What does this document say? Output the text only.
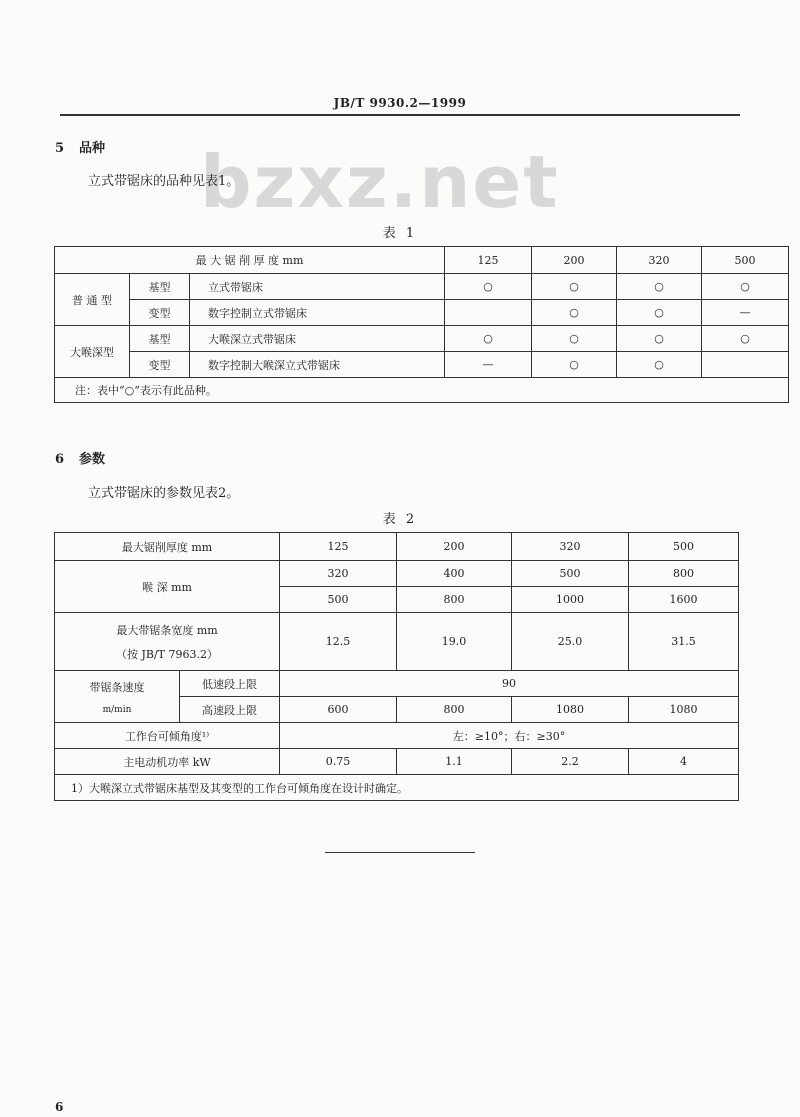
bzxz.net
JB/T 9930.2—1999
5 品种
立式带锯床的品种见表1。
表 1
最 大 锯 削 厚 度 mm			125	200	320	500
普 通 型	基型	立式带锯床	○	○	○	○
	变型	数字控制立式带锯床		○	○	—
大喉深型	基型	大喉深立式带锯床	○	○	○	○
	变型	数字控制大喉深立式带锯床	—	○	○	
注：表中“○”表示有此品种。						
6 参数
立式带锯床的参数见表2。
表 2
最大锯削厚度 mm		125	200	320	500
喉 深 mm		320	400	500	800
		500	800	1000	1600

最大带锯条宽度 mm
（按 JB/T 7963.2）		12.5	19.0	25.0	31.5

带锯条速度
m/min	低速段上限	90			
	高速段上限	600	800	1080	1080
工作台可倾角度¹⁾		左：≥10°；右：≥30°			
主电动机功率 kW		0.75	1.1	2.2	4
1）大喉深立式带锯床基型及其变型的工作台可倾角度在设计时确定。					
6
